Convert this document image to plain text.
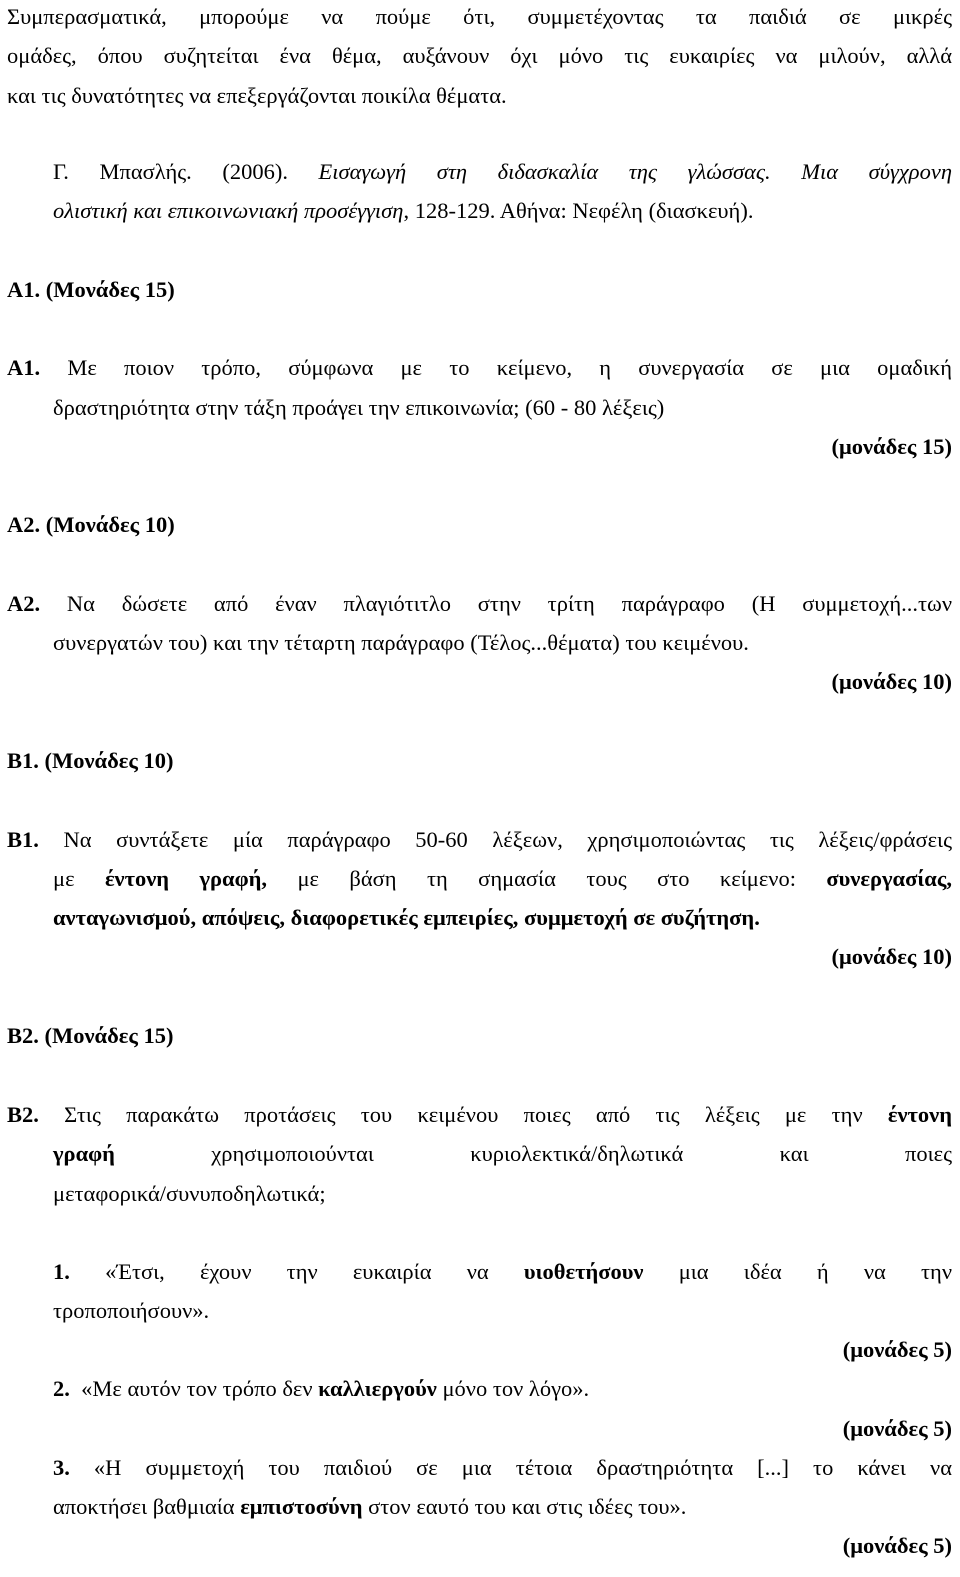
Συμπερασματικά, μπορούμε να πούμε ότι, συμμετέχοντας τα παιδιά σε μικρές
ομάδες, όπου συζητείται ένα θέμα, αυξάνουν όχι μόνο τις ευκαιρίες να μιλούν, αλλά
και τις δυνατότητες να επεξεργάζονται ποικίλα θέματα.
Γ. Μπασλής. (2006). Εισαγωγή στη διδασκαλία της γλώσσας. Μια σύγχρονη
ολιστική και επικοινωνιακή προσέγγιση, 128-129. Αθήνα: Νεφέλη (διασκευή).
Α1. (Μονάδες 15)
Α1. Με ποιον τρόπο, σύμφωνα με το κείμενο, η συνεργασία σε μια ομαδική
δραστηριότητα στην τάξη προάγει την επικοινωνία; (60 - 80 λέξεις)
(μονάδες 15)
Α2. (Μονάδες 10)
Α2. Να δώσετε από έναν πλαγιότιτλο στην τρίτη παράγραφο (Η συμμετοχή...των
συνεργατών του) και την τέταρτη παράγραφο (Τέλος...θέματα) του κειμένου.
(μονάδες 10)
Β1. (Μονάδες 10)
Β1. Να συντάξετε μία παράγραφο 50-60 λέξεων, χρησιμοποιώντας τις λέξεις/φράσεις
με έντονη γραφή, με βάση τη σημασία τους στο κείμενο: συνεργασίας,
ανταγωνισμού, απόψεις, διαφορετικές εμπειρίες, συμμετοχή σε συζήτηση.
(μονάδες 10)
Β2. (Μονάδες 15)
Β2. Στις παρακάτω προτάσεις του κειμένου ποιες από τις λέξεις με την έντονη
γραφή	χρησιμοποιούνται	κυριολεκτικά/δηλωτικά	και	ποιες
μεταφορικά/συνυποδηλωτικά;
1. «Έτσι, έχουν την ευκαιρία να υιοθετήσουν μια ιδέα ή να την
τροποποιήσουν».
(μονάδες 5)
2. «Με αυτόν τον τρόπο δεν καλλιεργούν μόνο τον λόγο».
(μονάδες 5)
3. «Η συμμετοχή του παιδιού σε μια τέτοια δραστηριότητα [...] το κάνει να
αποκτήσει βαθμιαία εμπιστοσύνη στον εαυτό του και στις ιδέες του».
(μονάδες 5)
